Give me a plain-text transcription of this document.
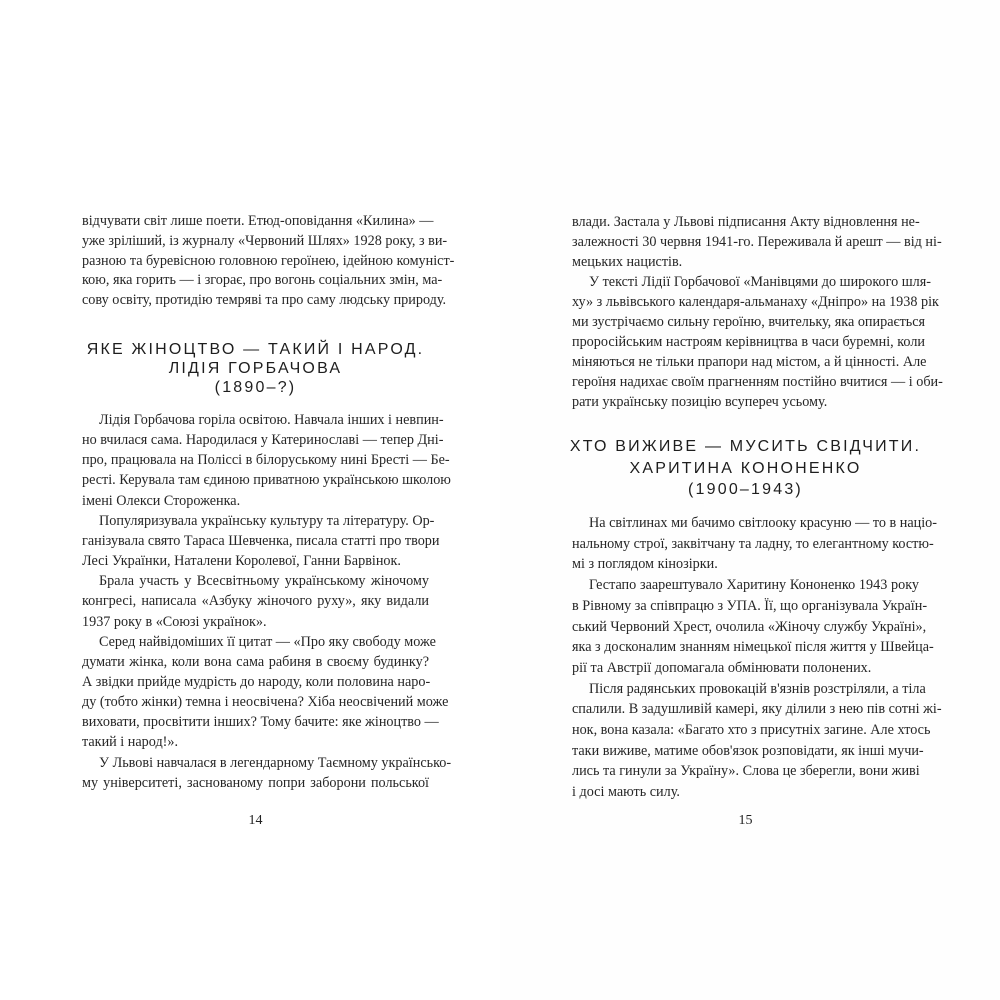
відчувати світ лише поети. Етюд-оповідання «Килина» —
уже зріліший, із журналу «Червоний Шлях» 1928 року, з ви-
разною та буревісною головною героїнею, ідейною комуніст-
кою, яка горить — і згорає, про вогонь соціальних змін, ма-
сову освіту, протидію темряві та про саму людську природу.
ЯКЕ ЖІНОЦТВО — ТАКИЙ І НАРОД.
ЛІДІЯ ГОРБАЧОВА
(1890–?)
Лідія Горбачова горіла освітою. Навчала інших і невпин-
но вчилася сама. Народилася у Катеринославі — тепер Дні-
про, працювала на Поліссі в білоруському нині Бресті — Бе-
ресті. Керувала там єдиною приватною українською школою
імені Олекси Стороженка.
Популяризувала українську культуру та літературу. Ор-
ганізувала свято Тараса Шевченка, писала статті про твори
Лесі Українки, Наталени Королевої, Ганни Барвінок.
Брала участь у Всесвітньому українському жіночому
конгресі, написала «Азбуку жіночого руху», яку видали
1937 року в «Союзі українок».
Серед найвідоміших її цитат — «Про яку свободу може
думати жінка, коли вона сама рабиня в своєму будинку?
А звідки прийде мудрість до народу, коли половина наро-
ду (тобто жінки) темна і неосвічена? Хіба неосвічений може
виховати, просвітити інших? Тому бачите: яке жіноцтво —
такий і народ!».
У Львові навчалася в легендарному Таємному українсько-
му університеті, заснованому попри заборони польської
14
влади. Застала у Львові підписання Акту відновлення не-
залежності 30 червня 1941-го. Переживала й арешт — від ні-
мецьких нацистів.
У тексті Лідії Горбачової «Манівцями до широкого шля-
ху» з львівського календаря-альманаху «Дніпро» на 1938 рік
ми зустрічаємо сильну героїню, вчительку, яка опирається
проросійським настроям керівництва в часи буремні, коли
міняються не тільки прапори над містом, а й цінності. Але
героїня надихає своїм прагненням постійно вчитися — і оби-
рати українську позицію всупереч усьому.
ХТО ВИЖИВЕ — МУСИТЬ СВІДЧИТИ.
ХАРИТИНА КОНОНЕНКО
(1900–1943)
На світлинах ми бачимо світлооку красуню — то в націо-
нальному строї, заквітчану та ладну, то елегантному костю-
мі з поглядом кінозірки.
Гестапо заарештувало Харитину Кононенко 1943 року
в Рівному за співпрацю з УПА. Її, що організувала Україн-
ський Червоний Хрест, очолила «Жіночу службу Україні»,
яка з досконалим знанням німецької після життя у Швейца-
рії та Австрії допомагала обмінювати полонених.
Після радянських провокацій в'язнів розстріляли, а тіла
спалили. В задушливій камері, яку ділили з нею пів сотні жі-
нок, вона казала: «Багато хто з присутніх загине. Але хтось
таки виживе, матиме обов'язок розповідати, як інші мучи-
лись та гинули за Україну». Слова це зберегли, вони живі
і досі мають силу.
15
